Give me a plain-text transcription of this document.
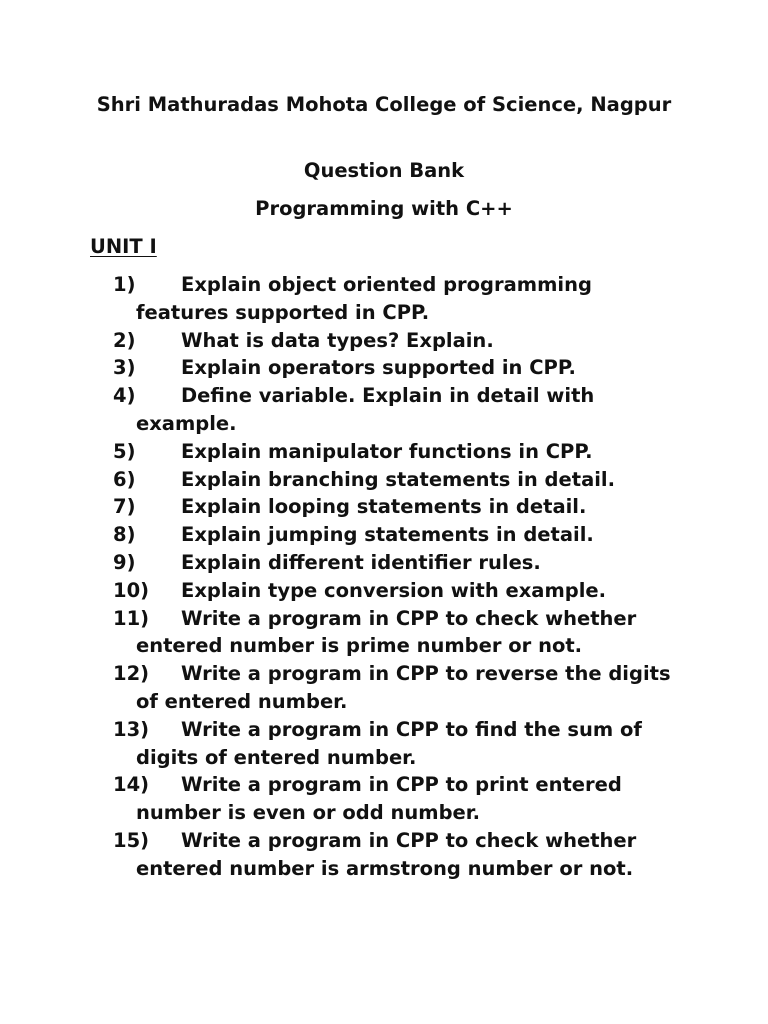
Shri Mathuradas Mohota College of Science, Nagpur
Question Bank
Programming with C++
UNIT I
1)	Explain object oriented programming features supported in CPP.
2)	What is data types? Explain.
3)	Explain operators supported in CPP.
4)	Define variable. Explain in detail with example.
5)	Explain manipulator functions in CPP.
6)	Explain branching statements in detail.
7)	Explain looping statements in detail.
8)	Explain jumping statements in detail.
9)	Explain different identifier rules.
10)	Explain type conversion with example.
11)	Write a program in CPP to check whether entered number is prime number or not.
12)	Write a program in CPP to reverse the digits of entered number.
13)	Write a program in CPP to find the sum of digits of entered number.
14)	Write a program in CPP to print entered number is even or odd number.
15)	Write a program in CPP to check whether entered number is armstrong number or not.
